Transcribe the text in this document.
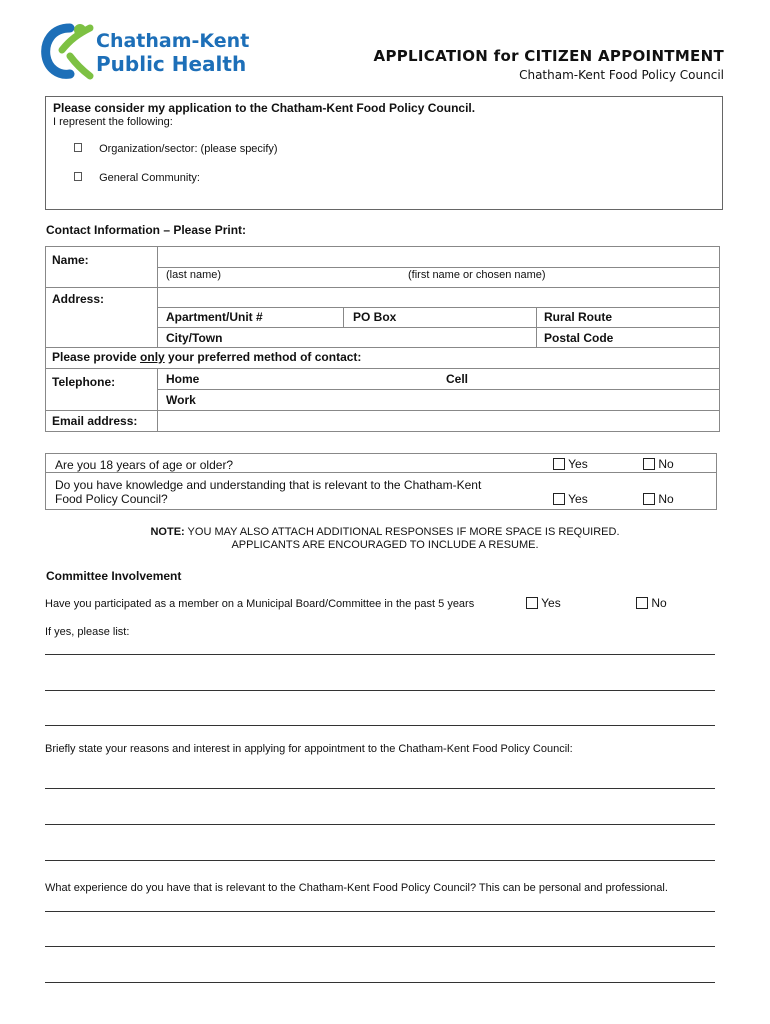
Chatham-Kent
Public Health	APPLICATION for CITIZEN APPOINTMENT
Chatham-Kent Food Policy Council
Please consider my application to the Chatham-Kent Food Policy Council.
I represent the following:
Organization/sector: (please specify)
General Community:
Contact Information – Please Print:
Name:
(last name)	(first name or chosen name)
Address:
Apartment/Unit #	PO Box	Rural Route
City/Town	Postal Code
Please provide only your preferred method of contact:
Telephone:	Home	Cell
Work
Email address:
Are you 18 years of age or older?	Yes	No
Do you have knowledge and understanding that is relevant to the Chatham-Kent
Food Policy Council?	Yes	No
NOTE: YOU MAY ALSO ATTACH ADDITIONAL RESPONSES IF MORE SPACE IS REQUIRED.
APPLICANTS ARE ENCOURAGED TO INCLUDE A RESUME.
Committee Involvement
Have you participated as a member on a Municipal Board/Committee in the past 5 years	Yes	No
If yes, please list:
Briefly state your reasons and interest in applying for appointment to the Chatham-Kent Food Policy Council:
What experience do you have that is relevant to the Chatham-Kent Food Policy Council? This can be personal and professional.
